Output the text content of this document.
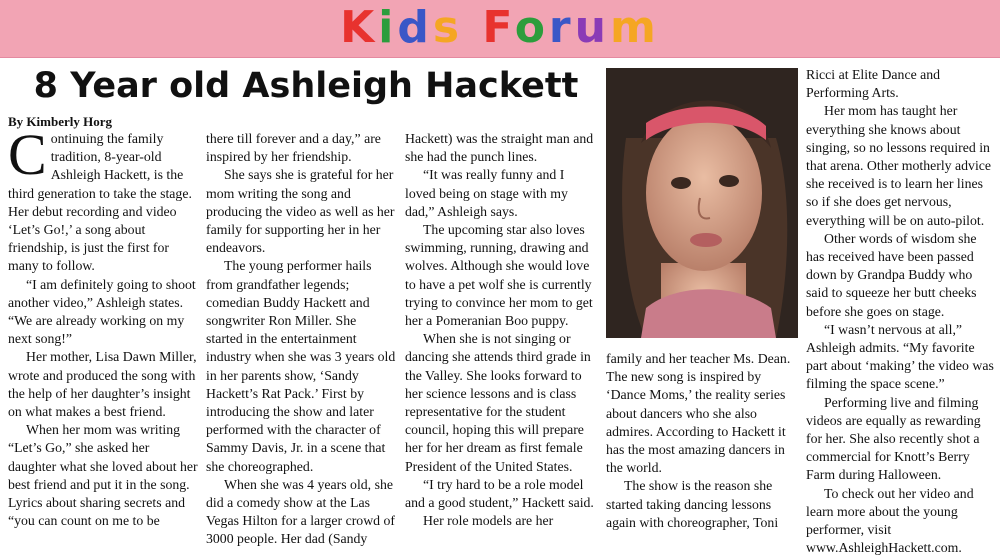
Kids Forum
8 Year old Ashleigh Hackett
By Kimberly Horg
C ontinuing the family tradition, 8-year-old Ashleigh Hackett, is the third generation to take the stage. Her debut recording and video ‘Let’s Go!,’ a song about friendship, is just the first for many to follow.

“I am definitely going to shoot another video,” Ashleigh states. “We are already working on my next song!”

Her mother, Lisa Dawn Miller, wrote and produced the song with the help of her daughter’s insight on what makes a best friend.

When her mom was writing “Let’s Go,” she asked her daughter what she loved about her best friend and put it in the song. Lyrics about sharing secrets and “you can count on me to be

there till forever and a day,” are inspired by her friendship.

She says she is grateful for her mom writing the song and producing the video as well as her family for supporting her in her endeavors.

The young performer hails from grandfather legends; comedian Buddy Hackett and songwriter Ron Miller. She started in the entertainment industry when she was 3 years old in her parents show, ‘Sandy Hackett’s Rat Pack.’ First by introducing the show and later performed with the character of Sammy Davis, Jr. in a scene that she choreographed.

When she was 4 years old, she did a comedy show at the Las Vegas Hilton for a larger crowd of 3000 people. Her dad (Sandy

Hackett) was the straight man and she had the punch lines.

“It was really funny and I loved being on stage with my dad,” Ashleigh says.

The upcoming star also loves swimming, running, drawing and wolves. Although she would love to have a pet wolf she is currently trying to convince her mom to get her a Pomeranian Boo puppy.

When she is not singing or dancing she attends third grade in the Valley. She looks forward to her science lessons and is class representative for the student council, hoping this will prepare her for her dream as first female President of the United States.

“I try hard to be a role model and a good student,” Hackett said.

Her role models are her

family and her teacher Ms. Dean. The new song is inspired by ‘Dance Moms,’ the reality series about dancers who she also admires. According to Hackett it has the most amazing dancers in the world.

The show is the reason she started taking dancing lessons again with choreographer, Toni

Ricci at Elite Dance and Performing Arts.

Her mom has taught her everything she knows about singing, so no lessons required in that arena. Other motherly advice she received is to learn her lines so if she does get nervous, everything will be on auto-pilot.

Other words of wisdom she has received have been passed down by Grandpa Buddy who said to squeeze her butt cheeks before she goes on stage.

“I wasn’t nervous at all,” Ashleigh admits. “My favorite part about ‘making’ the video was filming the space scene.”

Performing live and filming videos are equally as rewarding for her. She also recently shot a commercial for Knott’s Berry Farm during Halloween.

To check out her video and learn more about the young performer, visit www.AshleighHackett.com.
